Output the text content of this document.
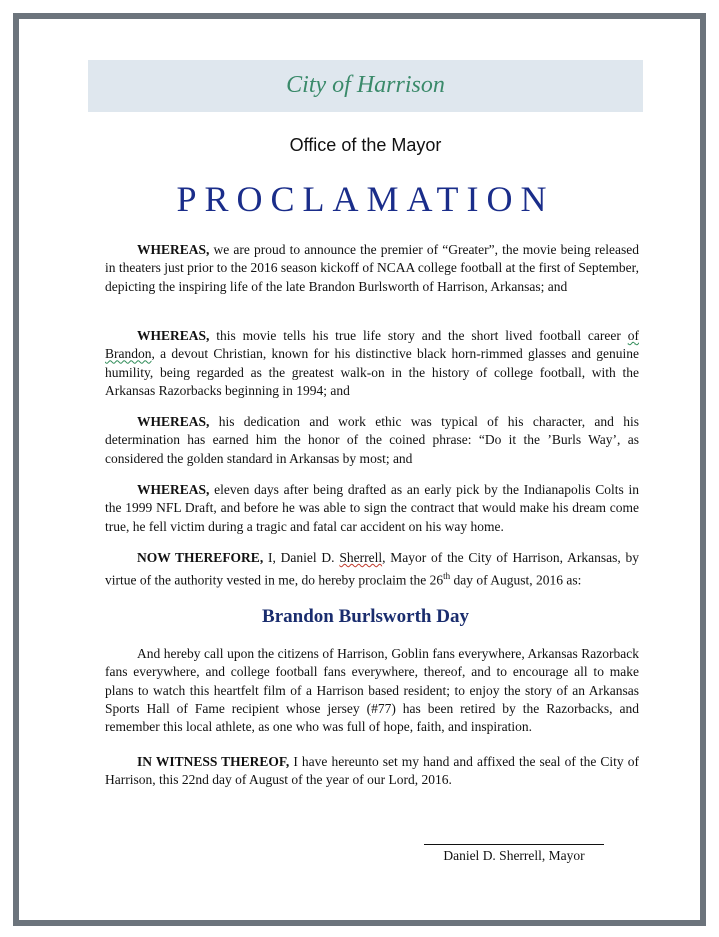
City of Harrison
Office of the Mayor
PROCLAMATION
WHEREAS, we are proud to announce the premier of “Greater”, the movie being released in theaters just prior to the 2016 season kickoff of NCAA college football at the first of September, depicting the inspiring life of the late Brandon Burlsworth of Harrison, Arkansas; and
WHEREAS, this movie tells his true life story and the short lived football career of Brandon, a devout Christian, known for his distinctive black horn-rimmed glasses and genuine humility, being regarded as the greatest walk-on in the history of college football, with the Arkansas Razorbacks beginning in 1994; and
WHEREAS, his dedication and work ethic was typical of his character, and his determination has earned him the honor of the coined phrase: “Do it the ’Burls Way’, as considered the golden standard in Arkansas by most; and
WHEREAS, eleven days after being drafted as an early pick by the Indianapolis Colts in the 1999 NFL Draft, and before he was able to sign the contract that would make his dream come true, he fell victim during a tragic and fatal car accident on his way home.
NOW THEREFORE, I, Daniel D. Sherrell, Mayor of the City of Harrison, Arkansas, by virtue of the authority vested in me, do hereby proclaim the 26th day of August, 2016 as:
Brandon Burlsworth Day
And hereby call upon the citizens of Harrison, Goblin fans everywhere, Arkansas Razorback fans everywhere, and college football fans everywhere, thereof, and to encourage all to make plans to watch this heartfelt film of a Harrison based resident; to enjoy the story of an Arkansas Sports Hall of Fame recipient whose jersey (#77) has been retired by the Razorbacks, and remember this local athlete, as one who was full of hope, faith, and inspiration.
IN WITNESS THEREOF, I have hereunto set my hand and affixed the seal of the City of Harrison, this 22nd day of August of the year of our Lord, 2016.
Daniel D. Sherrell, Mayor
